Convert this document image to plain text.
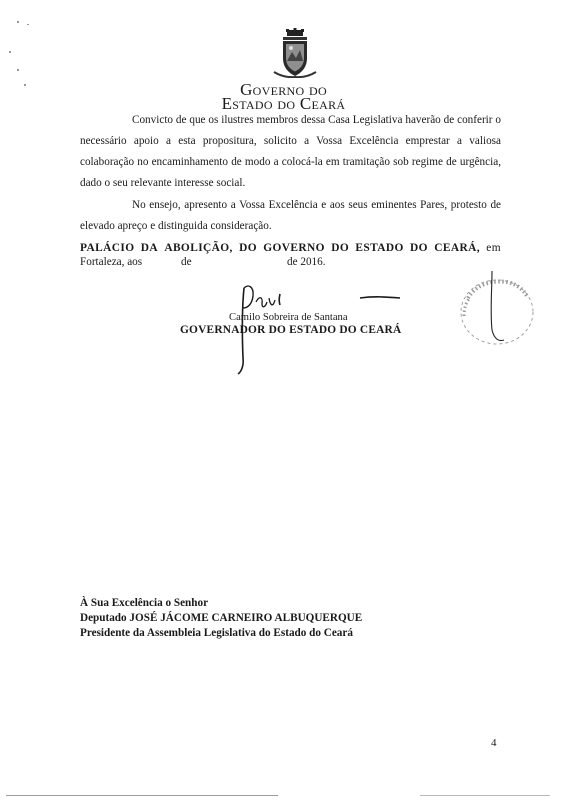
Governo do
Estado do Ceará

Convicto de que os ilustres membros dessa Casa Legislativa haverão de conferir o necessário apoio a esta propositura, solicito a Vossa Excelência emprestar a valiosa colaboração no encaminhamento de modo a colocá-la em tramitação sob regime de urgência, dado o seu relevante interesse social.

No ensejo, apresento a Vossa Excelência e aos seus eminentes Pares, protesto de elevado apreço e distinguida consideração.

PALÁCIO DA ABOLIÇÃO, DO GOVERNO DO ESTADO DO CEARÁ, em
Fortaleza, aos	de	de 2016.
Camilo Sobreira de Santana
GOVERNADOR DO ESTADO DO CEARÁ
À Sua Excelência o Senhor
Deputado JOSÉ JÁCOME CARNEIRO ALBUQUERQUE
Presidente da Assembleia Legislativa do Estado do Ceará
4
